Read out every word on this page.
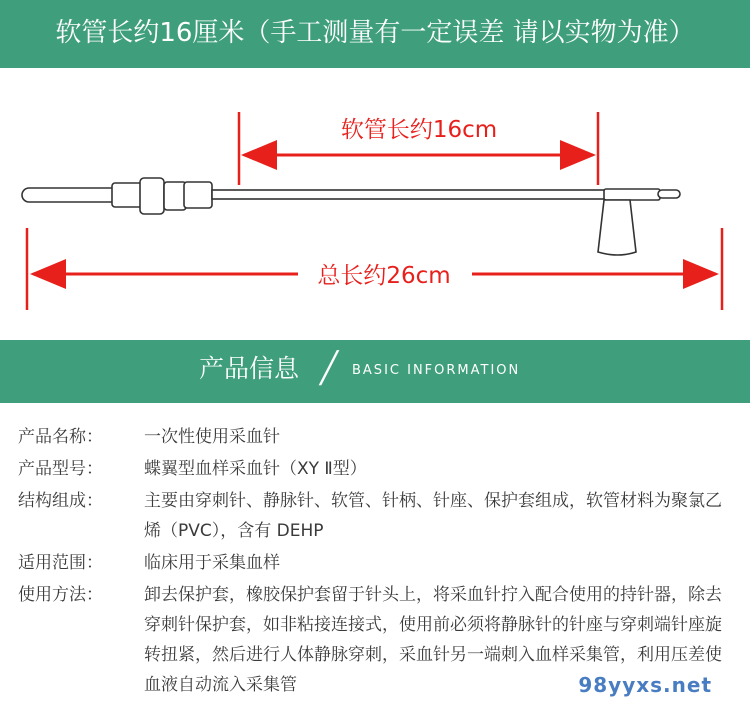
软管长约16厘米（手工测量有一定误差 请以实物为准）
软管长约16cm
总长约26cm
产品信息 ╱ BASIC INFORMATION
产品名称：	一次性使用采血针
产品型号：	蝶翼型血样采血针（XY Ⅱ型）
结构组成：	主要由穿刺针、静脉针、软管、针柄、针座、保护套组成，软管材料为聚氯乙烯（PVC），含有 DEHP
适用范围：	临床用于采集血样
使用方法：	卸去保护套，橡胶保护套留于针头上，将采血针拧入配合使用的持针器，除去穿刺针保护套，如非粘接连接式，使用前必须将静脉针的针座与穿刺端针座旋转扭紧，然后进行人体静脉穿刺，采血针另一端刺入血样采集管，利用压差使血液自动流入采集管	98yyxs.net
